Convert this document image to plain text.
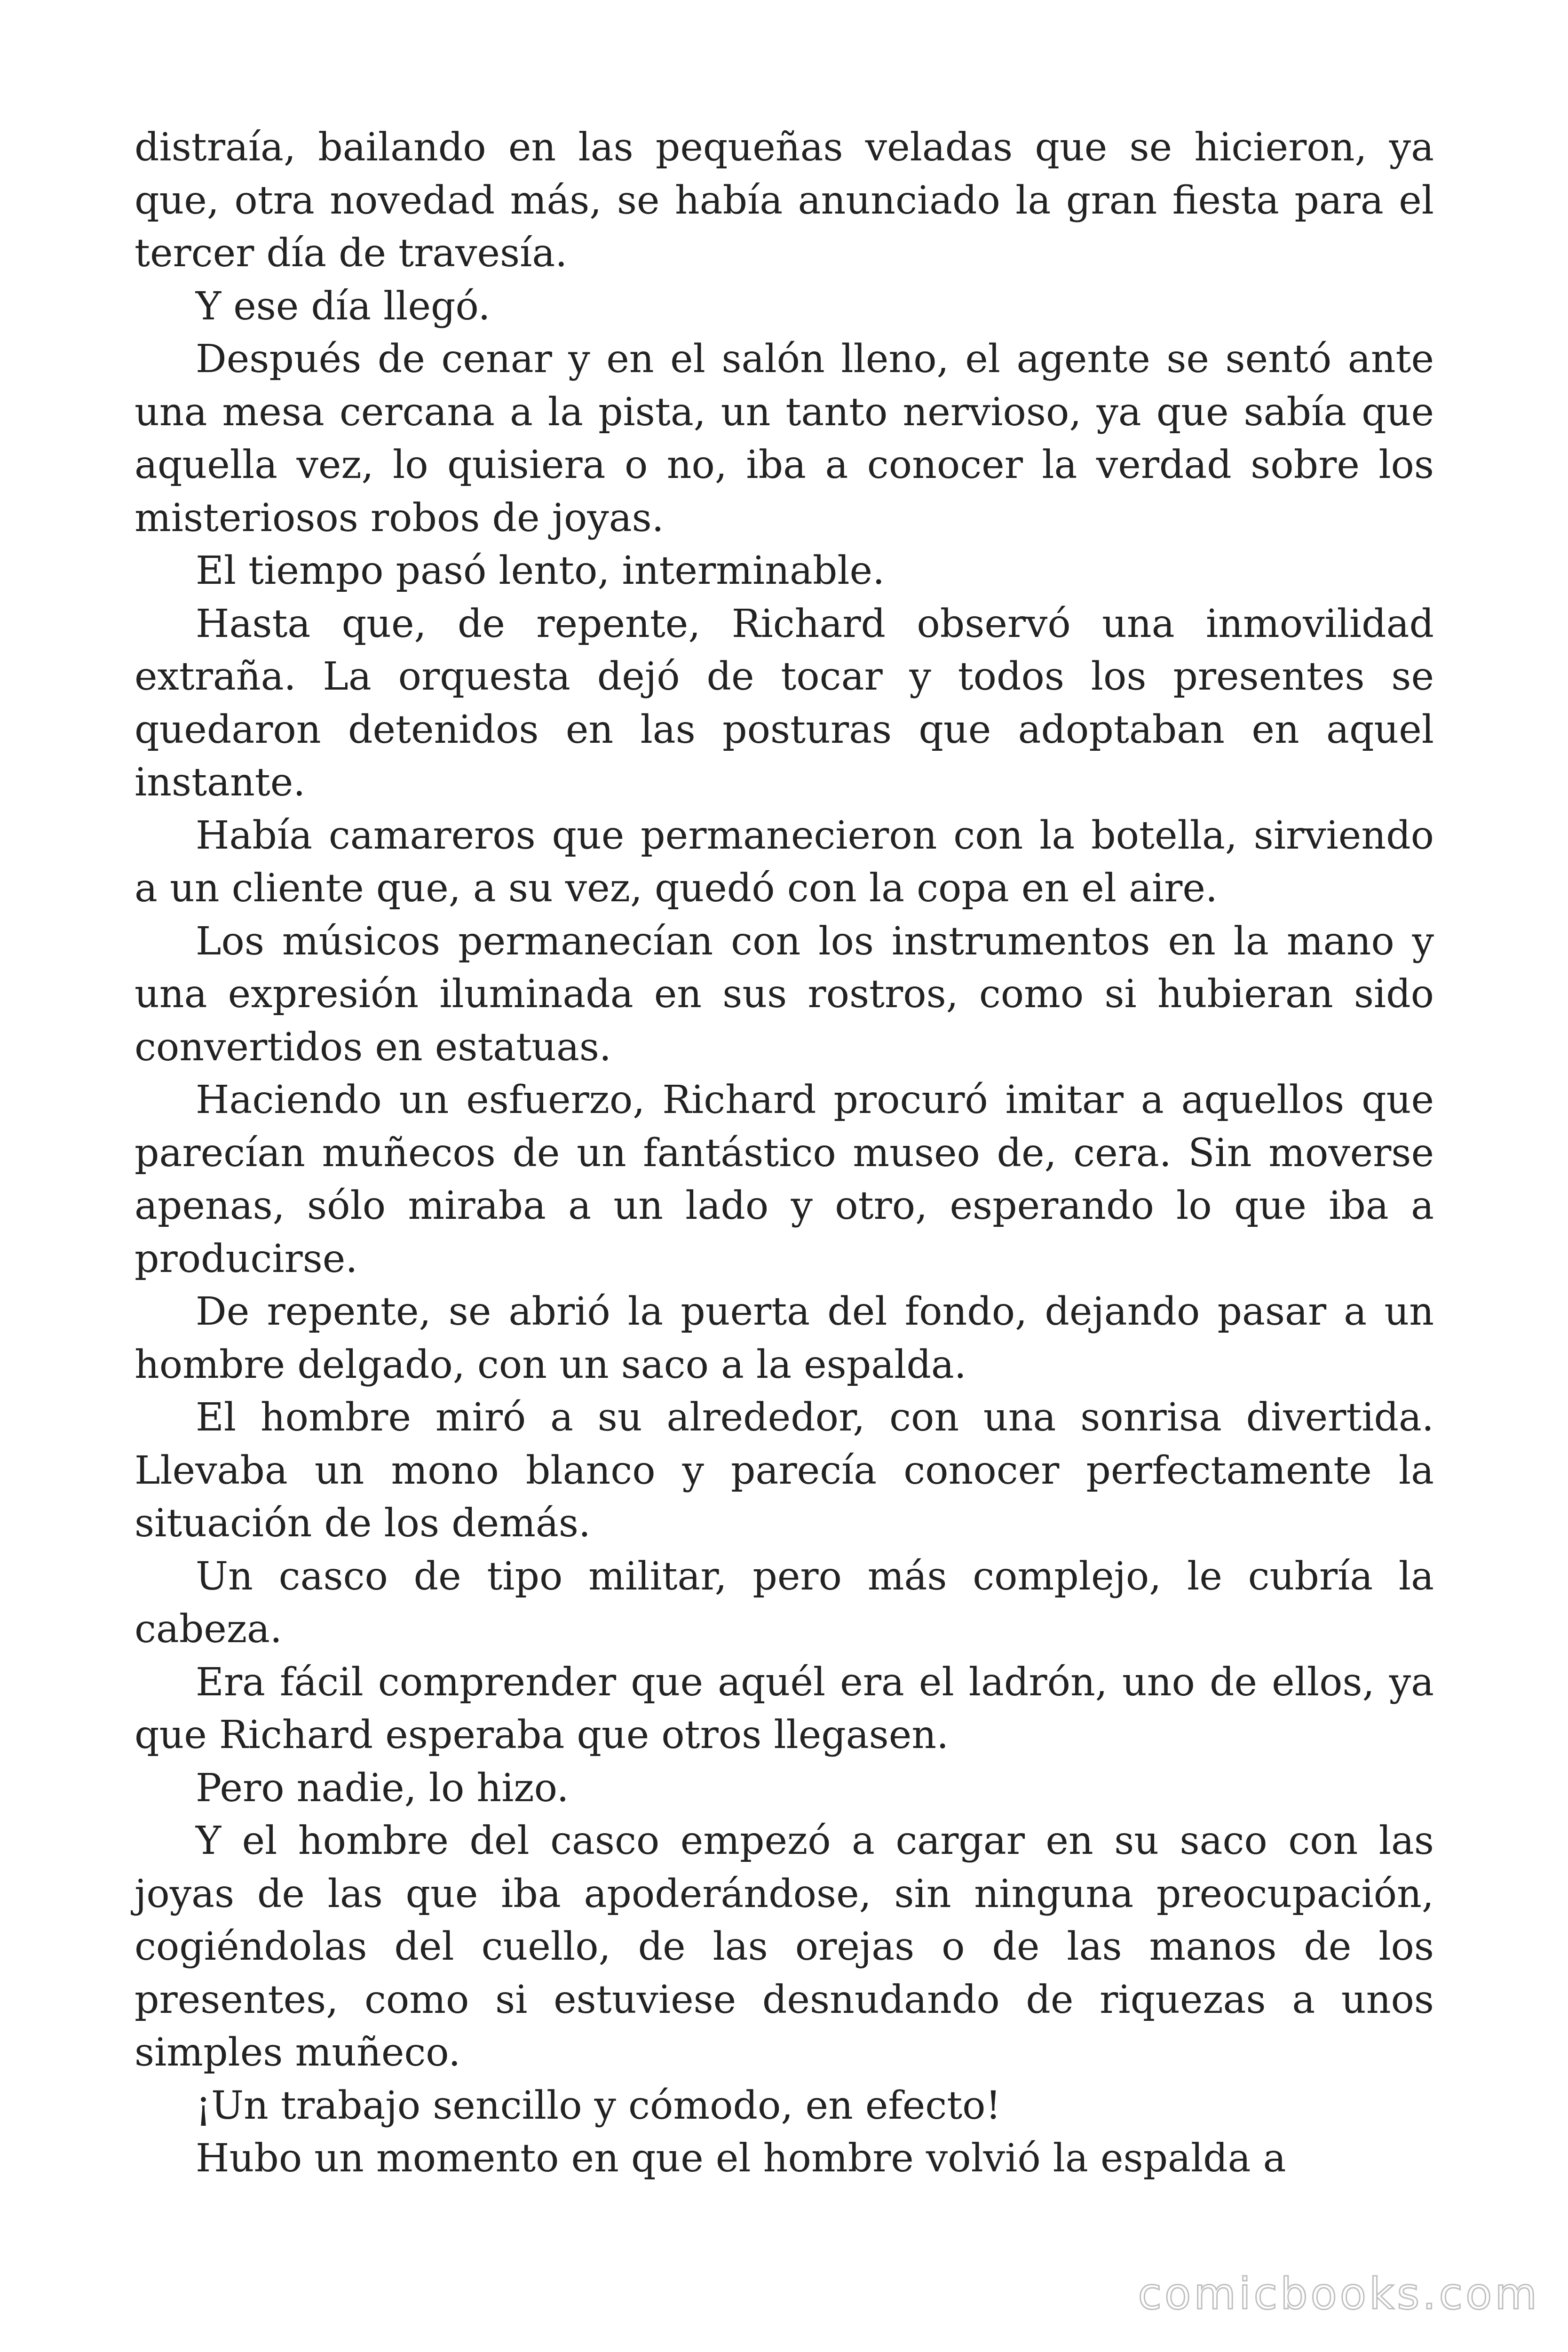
distraía, bailando en las pequeñas veladas que se hicieron, ya que, otra novedad más, se había anunciado la gran fiesta para el tercer día de travesía.

Y ese día llegó.

Después de cenar y en el salón lleno, el agente se sentó ante una mesa cercana a la pista, un tanto nervioso, ya que sabía que aquella vez, lo quisiera o no, iba a conocer la verdad sobre los misteriosos robos de joyas.

El tiempo pasó lento, interminable.

Hasta que, de repente, Richard observó una inmovilidad extraña. La orquesta dejó de tocar y todos los presentes se quedaron detenidos en las posturas que adoptaban en aquel instante.

Había camareros que permanecieron con la botella, sirviendo a un cliente que, a su vez, quedó con la copa en el aire.

Los músicos permanecían con los instrumentos en la mano y una expresión iluminada en sus rostros, como si hubieran sido convertidos en estatuas.

Haciendo un esfuerzo, Richard procuró imitar a aquellos que parecían muñecos de un fantástico museo de, cera. Sin moverse apenas, sólo miraba a un lado y otro, esperando lo que iba a producirse.

De repente, se abrió la puerta del fondo, dejando pasar a un hombre delgado, con un saco a la espalda.

El hombre miró a su alrededor, con una sonrisa divertida. Llevaba un mono blanco y parecía conocer perfectamente la situación de los demás.

Un casco de tipo militar, pero más complejo, le cubría la cabeza.

Era fácil comprender que aquél era el ladrón, uno de ellos, ya que Richard esperaba que otros llegasen.

Pero nadie, lo hizo.

Y el hombre del casco empezó a cargar en su saco con las joyas de las que iba apoderándose, sin ninguna preocupación, cogiéndolas del cuello, de las orejas o de las manos de los presentes, como si estuviese desnudando de riquezas a unos simples muñeco.

¡Un trabajo sencillo y cómodo, en efecto!

Hubo un momento en que el hombre volvió la espalda a

comicbooks.com
